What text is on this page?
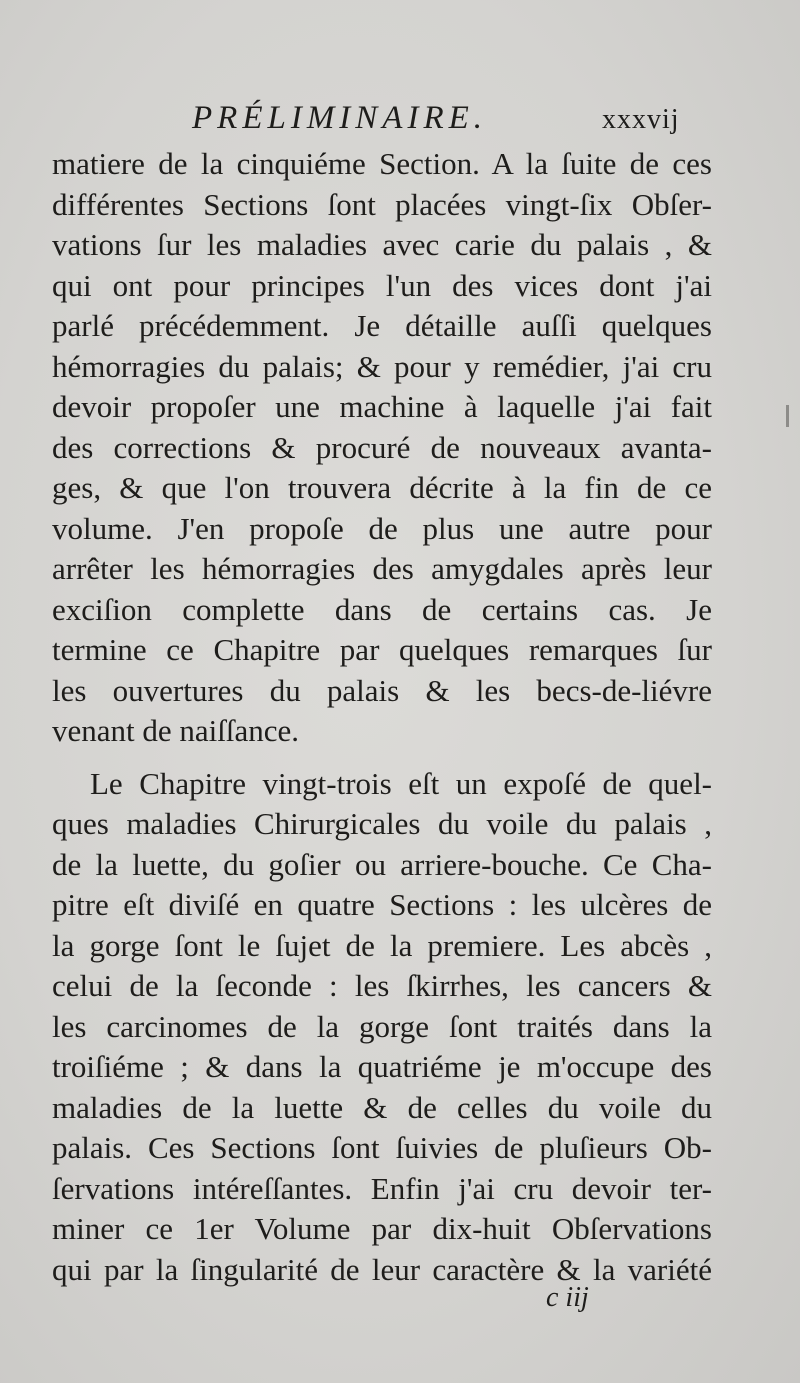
PRÉLIMINAIRE.	xxxvij
matiere de la cinquiéme Section. A la ſuite de ces
différentes Sections ſont placées vingt-ſix Obſer-
vations ſur les maladies avec carie du palais , &
qui ont pour principes l'un des vices dont j'ai
parlé précédemment. Je détaille auſſi quelques
hémorragies du palais; & pour y remédier, j'ai cru
devoir propoſer une machine à laquelle j'ai fait
des corrections & procuré de nouveaux avanta-
ges, & que l'on trouvera décrite à la fin de ce
volume. J'en propoſe de plus une autre pour
arrêter les hémorragies des amygdales après leur
exciſion complette dans de certains cas. Je
termine ce Chapitre par quelques remarques ſur
les ouvertures du palais & les becs-de-liévre
venant de naiſſance.
Le Chapitre vingt-trois eſt un expoſé de quel-
ques maladies Chirurgicales du voile du palais ,
de la luette, du goſier ou arriere-bouche. Ce Cha-
pitre eſt diviſé en quatre Sections : les ulcères de
la gorge ſont le ſujet de la premiere. Les abcès ,
celui de la ſeconde : les ſkirrhes, les cancers &
les carcinomes de la gorge ſont traités dans la
troiſiéme ; & dans la quatriéme je m'occupe des
maladies de la luette & de celles du voile du
palais. Ces Sections ſont ſuivies de pluſieurs Ob-
ſervations intéreſſantes. Enfin j'ai cru devoir ter-
miner ce 1er Volume par dix-huit Obſervations
qui par la ſingularité de leur caractère & la variété
c iij
